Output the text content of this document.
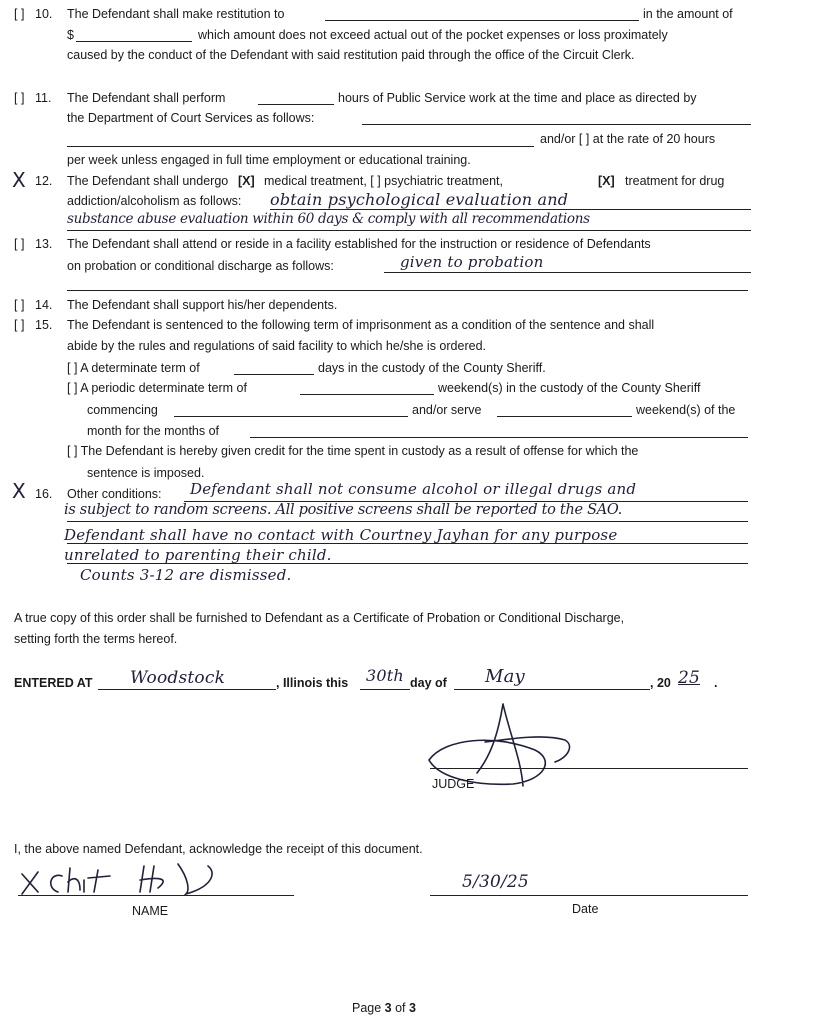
[ ] 10. The Defendant shall make restitution to	in the amount of
$	which amount does not exceed actual out of the pocket expenses or loss proximately
caused by the conduct of the Defendant with said restitution paid through the office of the Circuit Clerk.
[ ] 11. The Defendant shall perform	hours of Public Service work at the time and place as directed by
the Department of Court Services as follows:
and/or [ ] at the rate of 20 hours
per week unless engaged in full time employment or educational training.
X 12. The Defendant shall undergo [X] medical treatment, [ ] psychiatric treatment,	[X] treatment for drug
addiction/alcoholism as follows: obtain psychological evaluation and
substance abuse evaluation within 60 days & comply with all recommendations
[ ] 13. The Defendant shall attend or reside in a facility established for the instruction or residence of Defendants
on probation or conditional discharge as follows:	given to probation
[ ] 14. The Defendant shall support his/her dependents.
[ ] 15. The Defendant is sentenced to the following term of imprisonment as a condition of the sentence and shall
abide by the rules and regulations of said facility to which he/she is ordered.
[ ] A determinate term of	days in the custody of the County Sheriff.
[ ] A periodic determinate term of	weekend(s) in the custody of the County Sheriff
commencing	and/or serve	weekend(s) of the
month for the months of
[ ] The Defendant is hereby given credit for the time spent in custody as a result of offense for which the
sentence is imposed.
X 16. Other conditions: Defendant shall not consume alcohol or illegal drugs and
is subject to random screens. All positive screens shall be reported to the SAO.
Defendant shall have no contact with Courtney Jayhan for any purpose
unrelated to parenting their child.
Counts 3-12 are dismissed.
A true copy of this order shall be furnished to Defendant as a Certificate of Probation or Conditional Discharge,
setting forth the terms hereof.
ENTERED AT Woodstock	, Illinois this 30th day of May	, 20 25 .
JUDGE
I, the above named Defendant, acknowledge the receipt of this document.
NAME
5/30/25
Date
Page 3 of 3
